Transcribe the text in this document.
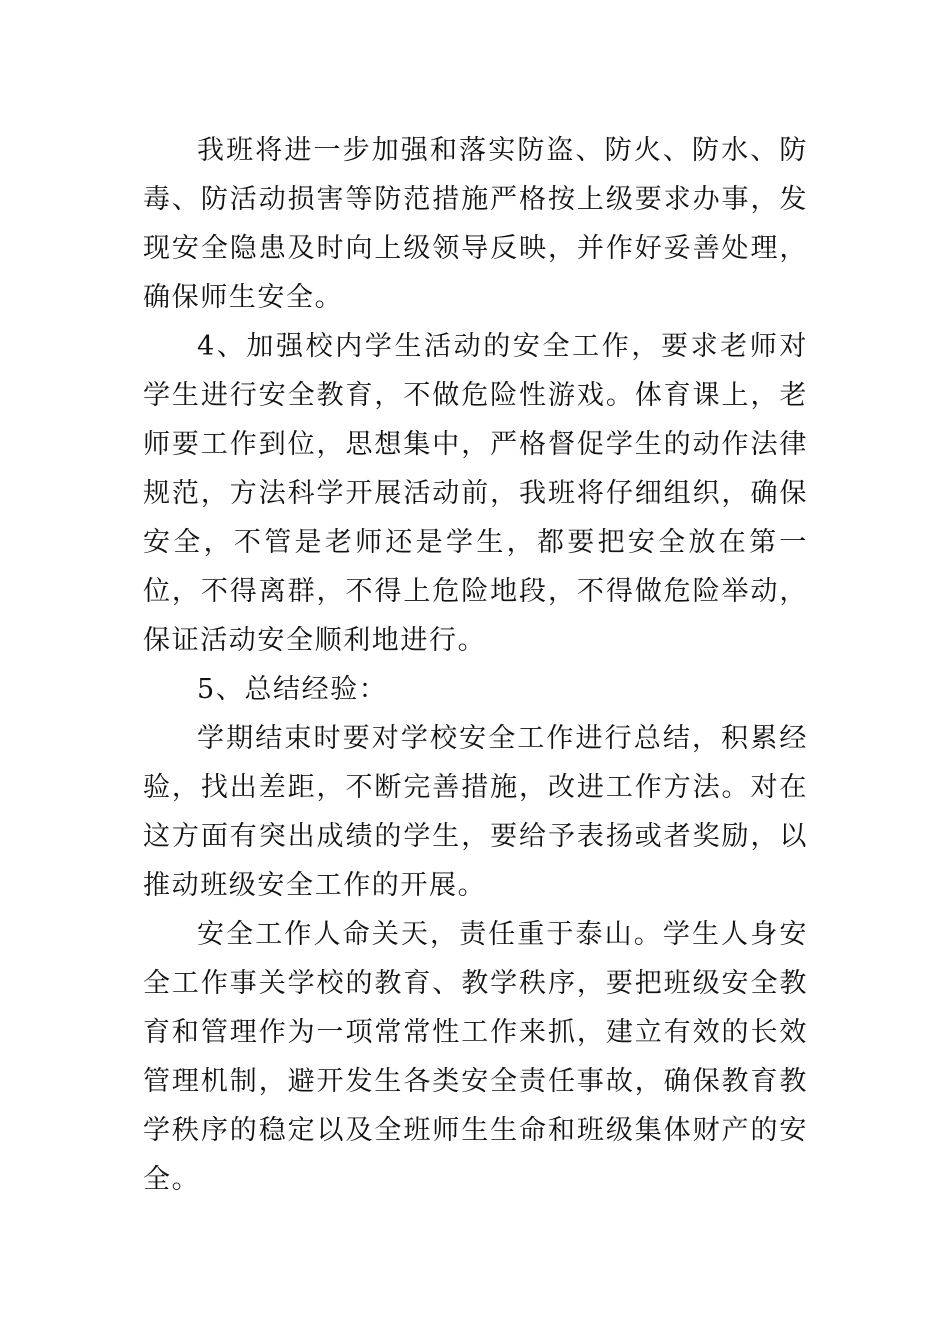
我班将进一步加强和落实防盗、防火、防水、防毒、防活动损害等防范措施严格按上级要求办事，发现安全隐患及时向上级领导反映，并作好妥善处理，确保师生安全。

4、加强校内学生活动的安全工作，要求老师对学生进行安全教育，不做危险性游戏。体育课上，老师要工作到位，思想集中，严格督促学生的动作法律规范，方法科学开展活动前，我班将仔细组织，确保安全，不管是老师还是学生，都要把安全放在第一位，不得离群，不得上危险地段，不得做危险举动，保证活动安全顺利地进行。

5、总结经验：

学期结束时要对学校安全工作进行总结，积累经验，找出差距，不断完善措施，改进工作方法。对在这方面有突出成绩的学生，要给予表扬或者奖励，以推动班级安全工作的开展。

安全工作人命关天，责任重于泰山。学生人身安全工作事关学校的教育、教学秩序，要把班级安全教育和管理作为一项常常性工作来抓，建立有效的长效管理机制，避开发生各类安全责任事故，确保教育教学秩序的稳定以及全班师生生命和班级集体财产的安全。
